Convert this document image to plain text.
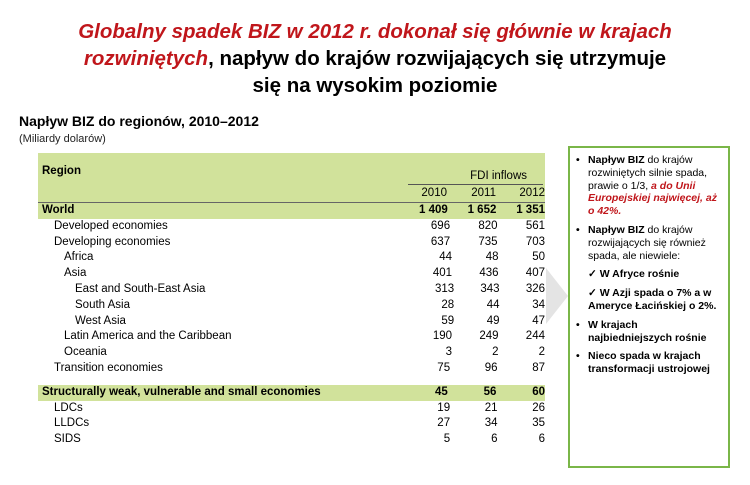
Globalny spadek BIZ w 2012 r. dokonał się głównie w krajach
rozwiniętych, napływ do krajów rozwijających się utrzymuje
się na wysokim poziomie
Napływ BIZ do regionów, 2010–2012
(Miliardy dolarów)
Region	FDI inflows
2010	2011	2012
World	1 409	1 652	1 351
Developed economies	696	820	561
Developing economies	637	735	703
Africa	44	48	50
Asia	401	436	407
East and South-East Asia	313	343	326
South Asia	28	44	34
West Asia	59	49	47
Latin America and the Caribbean	190	249	244
Oceania	3	2	2
Transition economies	75	96	87
Structurally weak, vulnerable and small economies	45	56	60
LDCs	19	21	26
LLDCs	27	34	35
SIDS	5	6	6
• Napływ BIZ do krajów rozwiniętych silnie spada, prawie o 1/3, a do Unii Europejskiej najwięcej, aż o 42%.
• Napływ BIZ do krajów rozwijających się również spada, ale niewiele:
✓ W Afryce rośnie
✓ W Azji spada o 7% a w Ameryce Łacińskiej o 2%.
• W krajach najbiedniejszych rośnie
• Nieco spada w krajach transformacji ustrojowej
